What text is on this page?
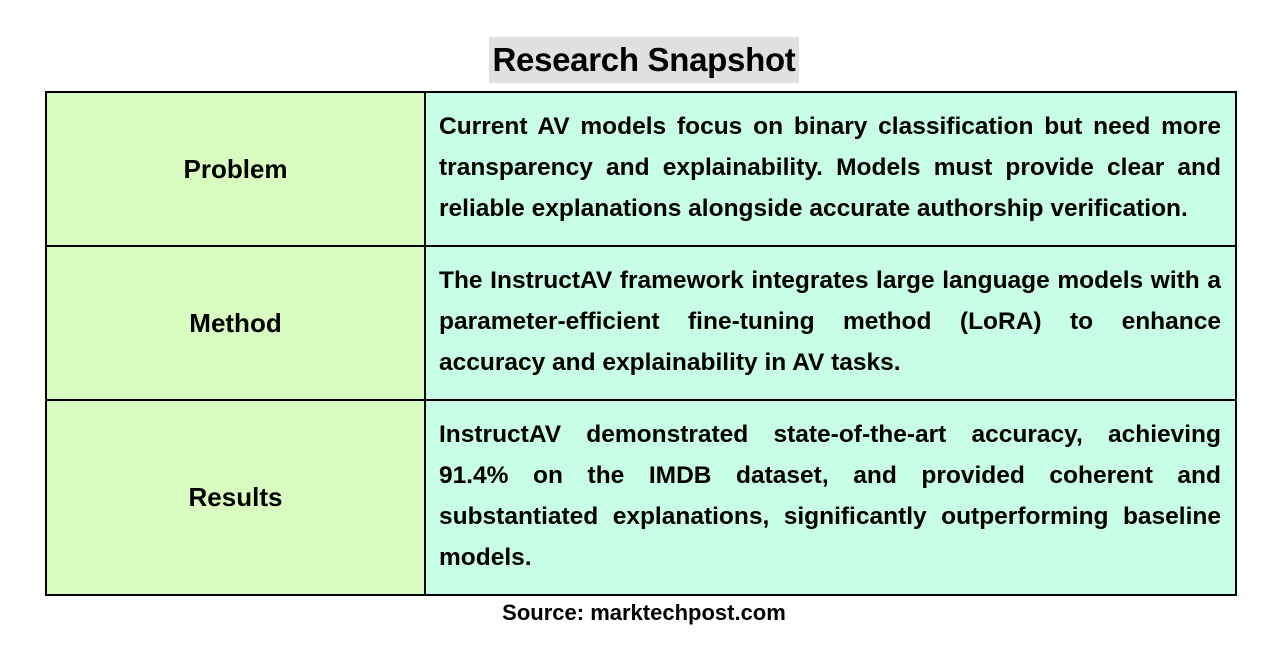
Research Snapshot
Problem	Current AV models focus on binary classification but need more transparency and explainability. Models must provide clear and reliable explanations alongside accurate authorship verification.
Method	The InstructAV framework integrates large language models with a parameter-efficient fine-tuning method (LoRA) to enhance accuracy and explainability in AV tasks.
Results	InstructAV demonstrated state-of-the-art accuracy, achieving 91.4% on the IMDB dataset, and provided coherent and substantiated explanations, significantly outperforming baseline models.
Source: marktechpost.com
